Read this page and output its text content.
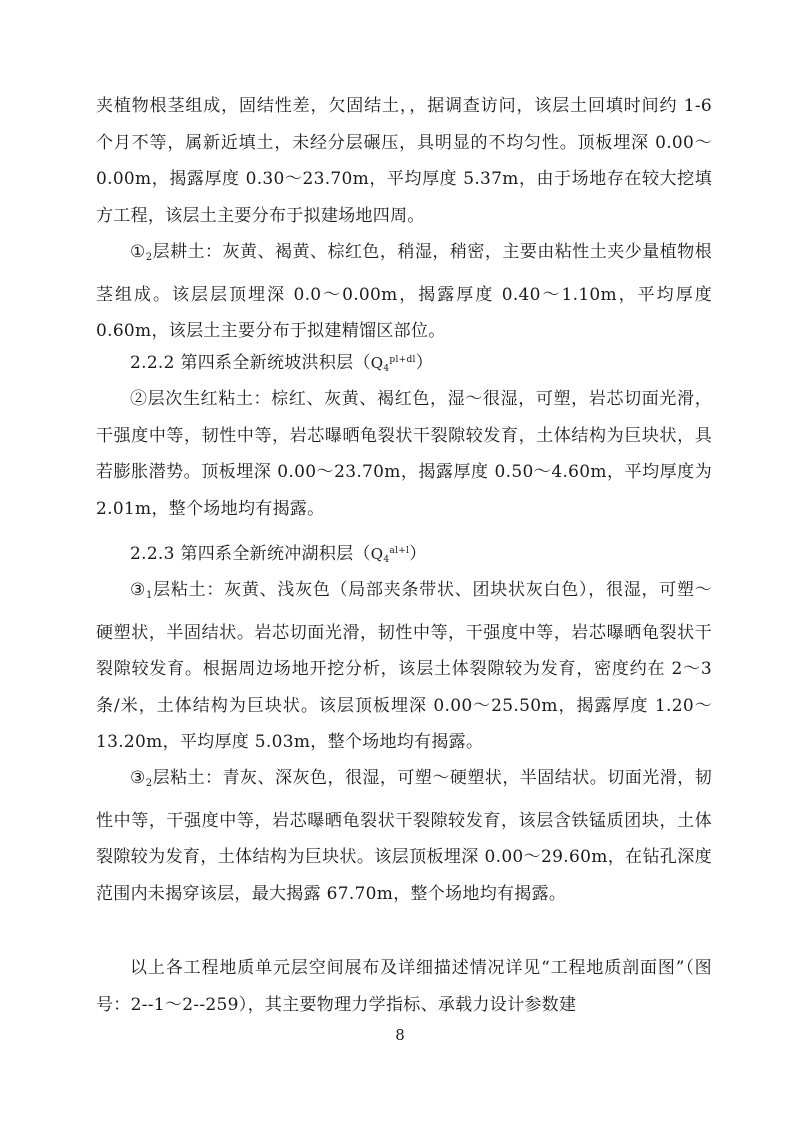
夹植物根茎组成，固结性差，欠固结土，，据调查访问，该层土回填时间约 1-6 个月不等，属新近填土，未经分层碾压，具明显的不均匀性。顶板埋深 0.00～0.00m，揭露厚度 0.30～23.70m，平均厚度 5.37m，由于场地存在较大挖填方工程，该层土主要分布于拟建场地四周。

$①_2$层耕土：灰黄、褐黄、棕红色，稍湿，稍密，主要由粘性土夹少量植物根茎组成。该层层顶埋深 0.0～0.00m，揭露厚度 0.40～1.10m，平均厚度 0.60m，该层土主要分布于拟建精馏区部位。

2.2.2 第四系全新统坡洪积层$(Q_4^{pl+dl})$

②层次生红粘土：棕红、灰黄、褐红色，湿～很湿，可塑，岩芯切面光滑，干强度中等，韧性中等，岩芯曝晒龟裂状干裂隙较发育，土体结构为巨块状，具若膨胀潜势。顶板埋深 0.00～23.70m，揭露厚度 0.50～4.60m，平均厚度为 2.01m，整个场地均有揭露。

2.2.3 第四系全新统冲湖积层$(Q_4^{al+l})$

$③_1$层粘土：灰黄、浅灰色（局部夹条带状、团块状灰白色），很湿，可塑～硬塑状，半固结状。岩芯切面光滑，韧性中等，干强度中等，岩芯曝晒龟裂状干裂隙较发育。根据周边场地开挖分析，该层土体裂隙较为发育，密度约在 2～3 条/米，土体结构为巨块状。该层顶板埋深 0.00～25.50m，揭露厚度 1.20～13.20m，平均厚度 5.03m，整个场地均有揭露。

$③_2$层粘土：青灰、深灰色，很湿，可塑～硬塑状，半固结状。切面光滑，韧性中等，干强度中等，岩芯曝晒龟裂状干裂隙较发育，该层含铁锰质团块，土体裂隙较为发育，土体结构为巨块状。该层顶板埋深 0.00～29.60m，在钻孔深度范围内未揭穿该层，最大揭露 67.70m，整个场地均有揭露。

以上各工程地质单元层空间展布及详细描述情况详见“工程地质剖面图”（图号：2--1～2--259），其主要物理力学指标、承载力设计参数建

8
